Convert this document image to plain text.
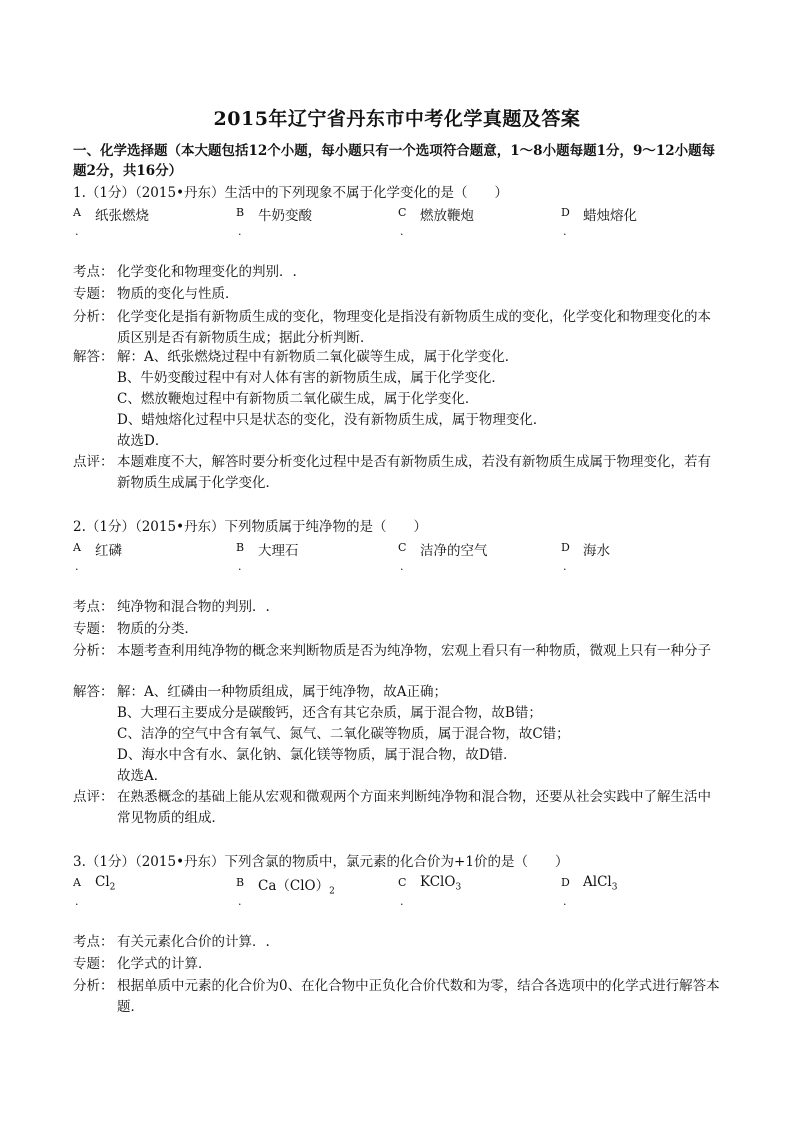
2015年辽宁省丹东市中考化学真题及答案
一、化学选择题（本大题包括12个小题，每小题只有一个选项符合题意，1～8小题每题1分，9～12小题每题2分，共16分）
1.（1分）（2015•丹东）生活中的下列现象不属于化学变化的是（　　）
A
.
纸张燃烧	B
.
牛奶变酸	C
.
燃放鞭炮	D
.
蜡烛熔化
考点： 化学变化和物理变化的判别．.
专题： 物质的变化与性质．
分析： 化学变化是指有新物质生成的变化，物理变化是指没有新物质生成的变化，化学变化和物理变化的本质区别是否有新物质生成；据此分析判断．
解答： 解：A、纸张燃烧过程中有新物质二氧化碳等生成，属于化学变化．
B、牛奶变酸过程中有对人体有害的新物质生成，属于化学变化．
C、燃放鞭炮过程中有新物质二氧化碳生成，属于化学变化．
D、蜡烛熔化过程中只是状态的变化，没有新物质生成，属于物理变化．
故选D．
点评： 本题难度不大，解答时要分析变化过程中是否有新物质生成，若没有新物质生成属于物理变化，若有新物质生成属于化学变化．
2.（1分）（2015•丹东）下列物质属于纯净物的是（　　）
A
.
红磷	B
.
大理石	C
.
洁净的空气	D
.
海水
考点： 纯净物和混合物的判别．.
专题： 物质的分类．
分析： 本题考查利用纯净物的概念来判断物质是否为纯净物，宏观上看只有一种物质，微观上只有一种分子
解答： 解：A、红磷由一种物质组成，属于纯净物，故A正确；
B、大理石主要成分是碳酸钙，还含有其它杂质，属于混合物，故B错；
C、洁净的空气中含有氧气、氮气、二氧化碳等物质，属于混合物，故C错；
D、海水中含有水、氯化钠、氯化镁等物质，属于混合物，故D错．
故选A．
点评： 在熟悉概念的基础上能从宏观和微观两个方面来判断纯净物和混合物，还要从社会实践中了解生活中常见物质的组成．
3.（1分）（2015•丹东）下列含氯的物质中，氯元素的化合价为+1价的是（　　）
A
.
$Cl_2$	B
.
$Ca(ClO)_2$
C
.
KClO$_3$	D
.
AlCl$_3$
考点： 有关元素化合价的计算．.
专题： 化学式的计算．
分析： 根据单质中元素的化合价为0、在化合物中正负化合价代数和为零，结合各选项中的化学式进行解答本题．
